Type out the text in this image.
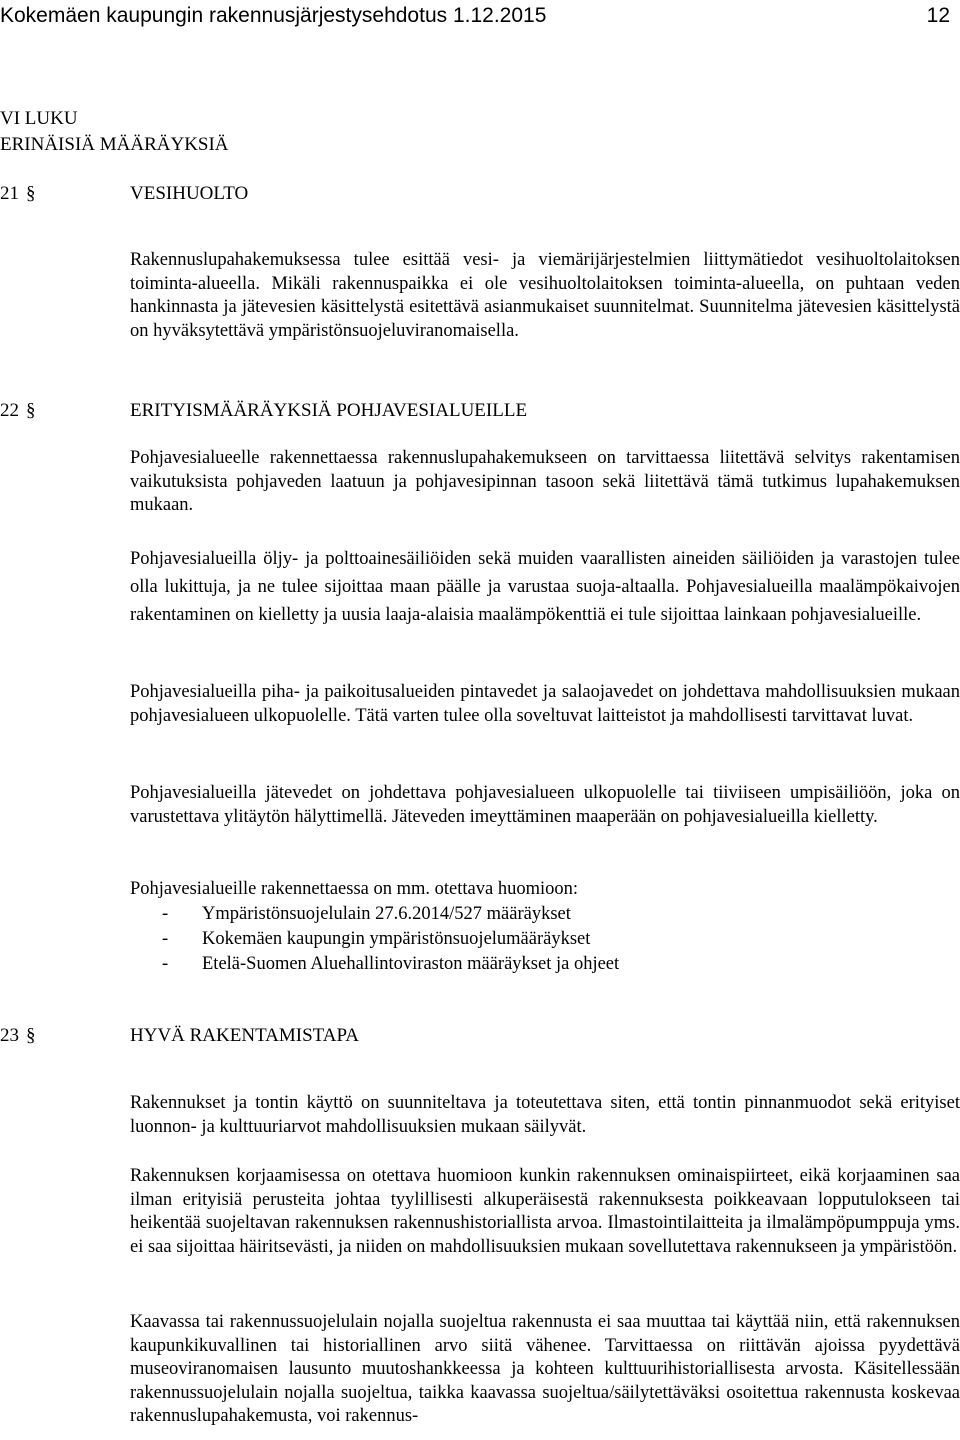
Kokemäen kaupungin rakennusjärjestysehdotus 1.12.2015	12
VI LUKU
ERINÄISIÄ MÄÄRÄYKSIÄ
21 §	VESIHUOLTO

Rakennuslupahakemuksessa tulee esittää vesi- ja viemärijärjestelmien liittymätiedot vesihuoltolaitoksen toiminta-alueella. Mikäli rakennuspaikka ei ole vesihuoltolaitoksen toiminta-alueella, on puhtaan veden hankinnasta ja jätevesien käsittelystä esitettävä asianmukaiset suunnitelmat. Suunnitelma jätevesien käsittelystä on hyväksytettävä ympäristönsuojeluviranomaisella.

22 §	ERITYISMÄÄRÄYKSIÄ POHJAVESIALUEILLE

Pohjavesialueelle rakennettaessa rakennuslupahakemukseen on tarvittaessa liitettävä selvitys rakentamisen vaikutuksista pohjaveden laatuun ja pohjavesipinnan tasoon sekä liitettävä tämä tutkimus lupahakemuksen mukaan.

Pohjavesialueilla öljy- ja polttoainesäiliöiden sekä muiden vaarallisten aineiden säiliöiden ja varastojen tulee olla lukittuja, ja ne tulee sijoittaa maan päälle ja varustaa suoja-altaalla. Pohjavesialueilla maalämpökaivojen rakentaminen on kielletty ja uusia laaja-alaisia maalämpökenttiä ei tule sijoittaa lainkaan pohjavesialueille.

Pohjavesialueilla piha- ja paikoitusalueiden pintavedet ja salaojavedet on johdettava mahdollisuuksien mukaan pohjavesialueen ulkopuolelle. Tätä varten tulee olla soveltuvat laitteistot ja mahdollisesti tarvittavat luvat.

Pohjavesialueilla jätevedet on johdettava pohjavesialueen ulkopuolelle tai tiiviiseen umpisäiliöön, joka on varustettava ylitäytön hälyttimellä. Jäteveden imeyttäminen maaperään on pohjavesialueilla kielletty.

Pohjavesialueille rakennettaessa on mm. otettava huomioon:
- Ympäristönsuojelulain 27.6.2014/527 määräykset
- Kokemäen kaupungin ympäristönsuojelumääräykset
- Etelä-Suomen Aluehallintoviraston määräykset ja ohjeet
23 §	HYVÄ RAKENTAMISTAPA

Rakennukset ja tontin käyttö on suunniteltava ja toteutettava siten, että tontin pinnanmuodot sekä erityiset luonnon- ja kulttuuriarvot mahdollisuuksien mukaan säilyvät.

Rakennuksen korjaamisessa on otettava huomioon kunkin rakennuksen ominaispiirteet, eikä korjaaminen saa ilman erityisiä perusteita johtaa tyylillisesti alkuperäisestä rakennuksesta poikkeavaan lopputulokseen tai heikentää suojeltavan rakennuksen rakennushistoriallista arvoa. Ilmastointilaitteita ja ilmalämpöpumppuja yms. ei saa sijoittaa häiritsevästi, ja niiden on mahdollisuuksien mukaan sovellutettava rakennukseen ja ympäristöön.

Kaavassa tai rakennussuojelulain nojalla suojeltua rakennusta ei saa muuttaa tai käyttää niin, että rakennuksen kaupunkikuvallinen tai historiallinen arvo siitä vähenee. Tarvittaessa on riittävän ajoissa pyydettävä museoviranomaisen lausunto muutoshankkeessa ja kohteen kulttuurihistoriallisesta arvosta. Käsitellessään rakennussuojelulain nojalla suojeltua, taikka kaavassa suojeltua/säilytettäväksi osoitettua rakennusta koskevaa rakennuslupahakemusta, voi rakennus-
